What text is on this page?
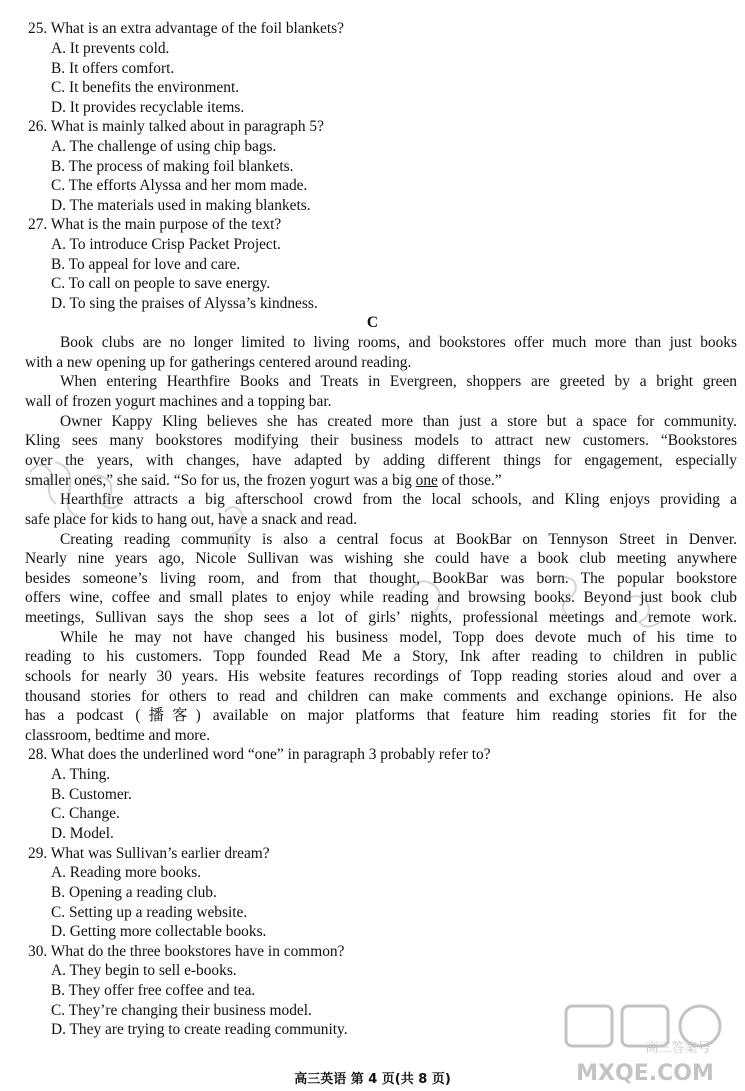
25. What is an extra advantage of the foil blankets?
A. It prevents cold.
B. It offers comfort.
C. It benefits the environment.
D. It provides recyclable items.
26. What is mainly talked about in paragraph 5?
A. The challenge of using chip bags.
B. The process of making foil blankets.
C. The efforts Alyssa and her mom made.
D. The materials used in making blankets.
27. What is the main purpose of the text?
A. To introduce Crisp Packet Project.
B. To appeal for love and care.
C. To call on people to save energy.
D. To sing the praises of Alyssa’s kindness.
C
Book clubs are no longer limited to living rooms, and bookstores offer much more than just books
with a new opening up for gatherings centered around reading.
When entering Hearthfire Books and Treats in Evergreen, shoppers are greeted by a bright green
wall of frozen yogurt machines and a topping bar.
Owner Kappy Kling believes she has created more than just a store but a space for community.
Kling sees many bookstores modifying their business models to attract new customers. “Bookstores
over the years, with changes, have adapted by adding different things for engagement, especially
smaller ones,” she said. “So for us, the frozen yogurt was a big one of those.”
Hearthfire attracts a big afterschool crowd from the local schools, and Kling enjoys providing a
safe place for kids to hang out, have a snack and read.
Creating reading community is also a central focus at BookBar on Tennyson Street in Denver.
Nearly nine years ago, Nicole Sullivan was wishing she could have a book club meeting anywhere
besides someone’s living room, and from that thought, BookBar was born. The popular bookstore
offers wine, coffee and small plates to enjoy while reading and browsing books. Beyond just book club
meetings, Sullivan says the shop sees a lot of girls’ nights, professional meetings and remote work.
While he may not have changed his business model, Topp does devote much of his time to
reading to his customers. Topp founded Read Me a Story, Ink after reading to children in public
schools for nearly 30 years. His website features recordings of Topp reading stories aloud and over a
thousand stories for others to read and children can make comments and exchange opinions. He also
has a podcast (播客) available on major platforms that feature him reading stories fit for the
classroom, bedtime and more.
28. What does the underlined word “one” in paragraph 3 probably refer to?
A. Thing.
B. Customer.
C. Change.
D. Model.
29. What was Sullivan’s earlier dream?
A. Reading more books.
B. Opening a reading club.
C. Setting up a reading website.
D. Getting more collectable books.
30. What do the three bookstores have in common?
A. They begin to sell e-books.
B. They offer free coffee and tea.
C. They’re changing their business model.
D. They are trying to create reading community.
高三英语 第 4 页(共 8 页)	MXQE.COM
高三答案号
